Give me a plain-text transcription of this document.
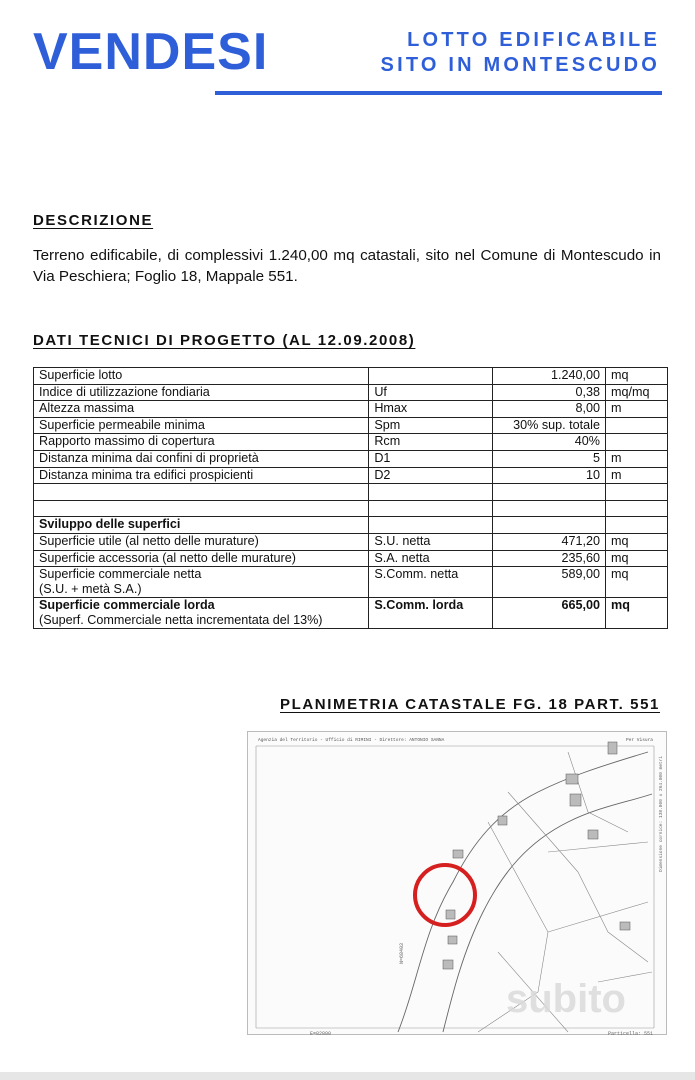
VENDESI	LOTTO EDIFICABILE
SITO IN MONTESCUDO
DESCRIZIONE

Terreno edificabile, di complessivi 1.240,00 mq catastali, sito nel Comune di Montescudo in Via Peschiera; Foglio 18, Mappale 551.

DATI TECNICI DI PROGETTO (AL 12.09.2008)
Superficie lotto		1.240,00	mq
Indice di utilizzazione fondiaria	Uf	0,38	mq/mq
Altezza massima	Hmax	8,00	m
Superficie permeabile minima	Spm	30% sup. totale	
Rapporto massimo di copertura	Rcm	40%	
Distanza minima dai confini di proprietà	D1	5	m
Distanza minima tra edifici prospicienti	D2	10	m

Sviluppo delle superfici			
Superficie utile (al netto delle murature)	S.U. netta	471,20	mq
Superficie accessoria (al netto delle murature)	S.A. netta	235,60	mq
Superficie commerciale netta
(S.U. + metà S.A.)	S.Comm. netta	589,00	mq
Superficie commerciale lorda
(Superf. Commerciale netta incrementata del 13%)	S.Comm. lorda	665,00	mq
PLANIMETRIA CATASTALE FG. 18 PART. 551
Agenzia del Territorio - Ufficio di RIMINI - Direttore: ANTONIO SANNA	Per Visura
N=68403
E=82800	Particella: 551
Dimensione cornice: 138.000 x 264.000 metri
subito
